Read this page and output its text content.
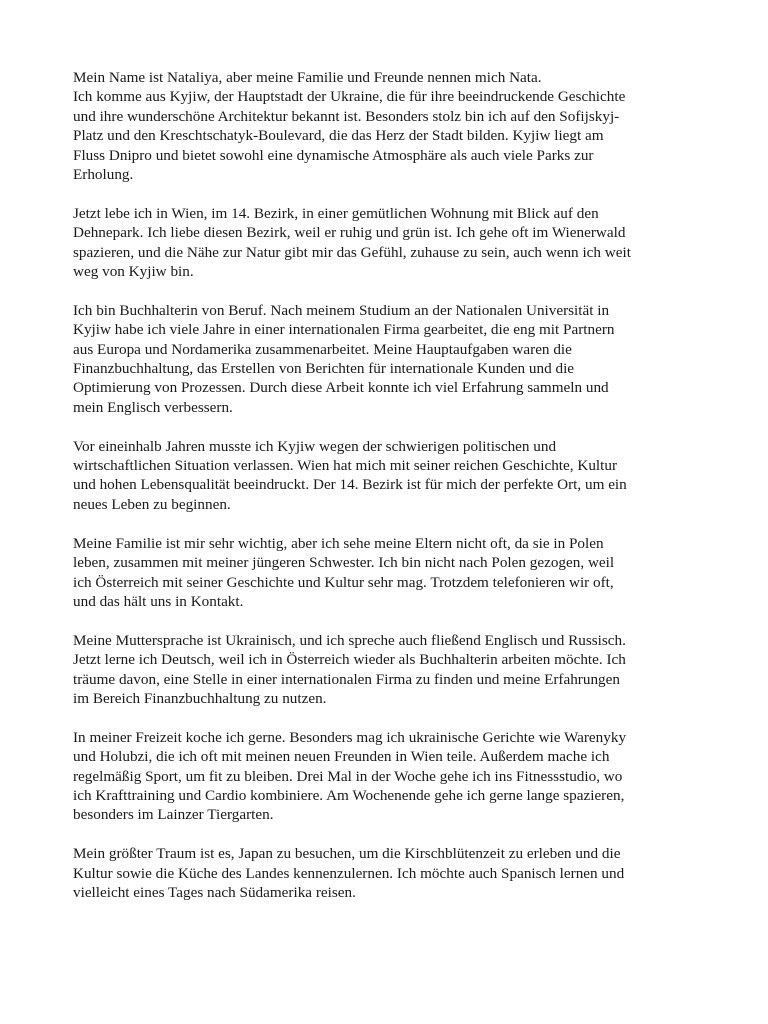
Mein Name ist Nataliya, aber meine Familie und Freunde nennen mich Nata.
Ich komme aus Kyjiw, der Hauptstadt der Ukraine, die für ihre beeindruckende Geschichte
und ihre wunderschöne Architektur bekannt ist. Besonders stolz bin ich auf den Sofijskyj-
Platz und den Kreschtschatyk-Boulevard, die das Herz der Stadt bilden. Kyjiw liegt am
Fluss Dnipro und bietet sowohl eine dynamische Atmosphäre als auch viele Parks zur
Erholung.

Jetzt lebe ich in Wien, im 14. Bezirk, in einer gemütlichen Wohnung mit Blick auf den
Dehnepark. Ich liebe diesen Bezirk, weil er ruhig und grün ist. Ich gehe oft im Wienerwald
spazieren, und die Nähe zur Natur gibt mir das Gefühl, zuhause zu sein, auch wenn ich weit
weg von Kyjiw bin.

Ich bin Buchhalterin von Beruf. Nach meinem Studium an der Nationalen Universität in
Kyjiw habe ich viele Jahre in einer internationalen Firma gearbeitet, die eng mit Partnern
aus Europa und Nordamerika zusammenarbeitet. Meine Hauptaufgaben waren die
Finanzbuchhaltung, das Erstellen von Berichten für internationale Kunden und die
Optimierung von Prozessen. Durch diese Arbeit konnte ich viel Erfahrung sammeln und
mein Englisch verbessern.

Vor eineinhalb Jahren musste ich Kyjiw wegen der schwierigen politischen und
wirtschaftlichen Situation verlassen. Wien hat mich mit seiner reichen Geschichte, Kultur
und hohen Lebensqualität beeindruckt. Der 14. Bezirk ist für mich der perfekte Ort, um ein
neues Leben zu beginnen.

Meine Familie ist mir sehr wichtig, aber ich sehe meine Eltern nicht oft, da sie in Polen
leben, zusammen mit meiner jüngeren Schwester. Ich bin nicht nach Polen gezogen, weil
ich Österreich mit seiner Geschichte und Kultur sehr mag. Trotzdem telefonieren wir oft,
und das hält uns in Kontakt.

Meine Muttersprache ist Ukrainisch, und ich spreche auch fließend Englisch und Russisch.
Jetzt lerne ich Deutsch, weil ich in Österreich wieder als Buchhalterin arbeiten möchte. Ich
träume davon, eine Stelle in einer internationalen Firma zu finden und meine Erfahrungen
im Bereich Finanzbuchhaltung zu nutzen.

In meiner Freizeit koche ich gerne. Besonders mag ich ukrainische Gerichte wie Warenyky
und Holubzi, die ich oft mit meinen neuen Freunden in Wien teile. Außerdem mache ich
regelmäßig Sport, um fit zu bleiben. Drei Mal in der Woche gehe ich ins Fitnessstudio, wo
ich Krafttraining und Cardio kombiniere. Am Wochenende gehe ich gerne lange spazieren,
besonders im Lainzer Tiergarten.

Mein größter Traum ist es, Japan zu besuchen, um die Kirschblütenzeit zu erleben und die
Kultur sowie die Küche des Landes kennenzulernen. Ich möchte auch Spanisch lernen und
vielleicht eines Tages nach Südamerika reisen.
